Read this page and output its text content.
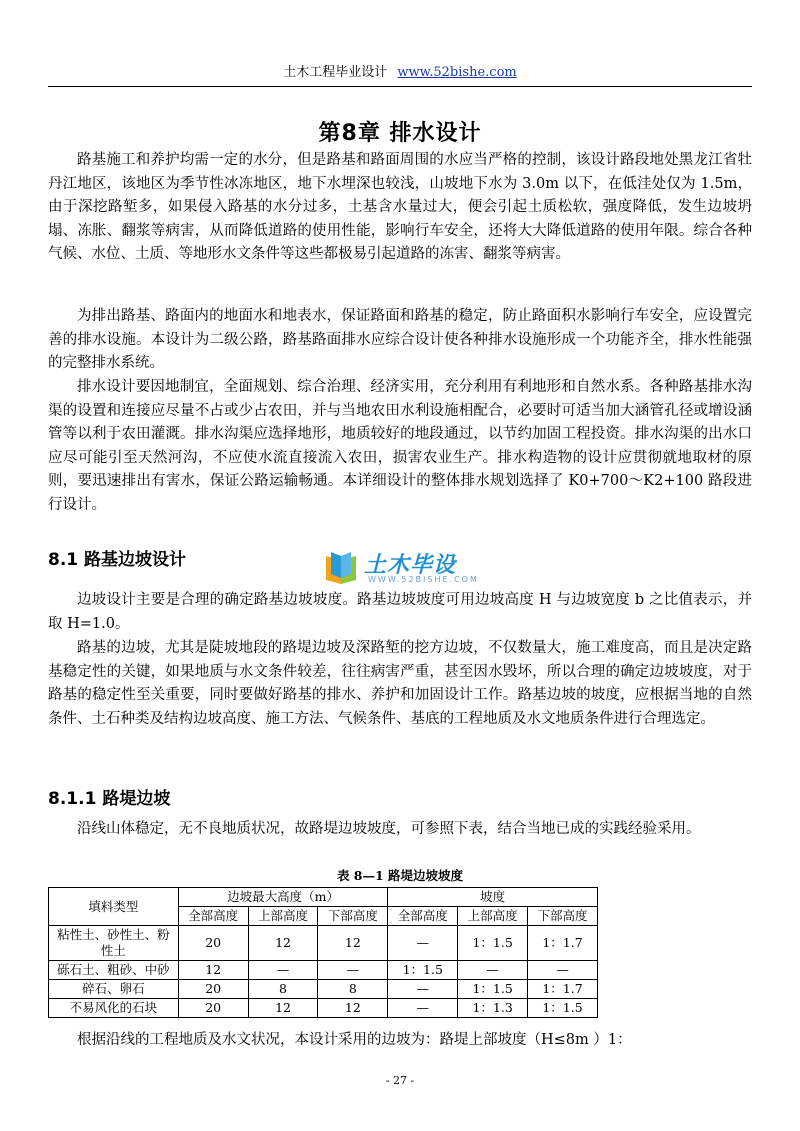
土木工程毕业设计 www.52bishe.com
第8章 排水设计
路基施工和养护均需一定的水分，但是路基和路面周围的水应当严格的控制，该设计路段地处黑龙江省牡丹江地区，该地区为季节性冰冻地区，地下水埋深也较浅，山坡地下水为 3.0m 以下，在低洼处仅为 1.5m，由于深挖路堑多，如果侵入路基的水分过多，土基含水量过大，便会引起土质松软，强度降低，发生边坡坍塌、冻胀、翻浆等病害，从而降低道路的使用性能，影响行车安全，还将大大降低道路的使用年限。综合各种气候、水位、土质、等地形水文条件等这些都极易引起道路的冻害、翻浆等病害。
为排出路基、路面内的地面水和地表水，保证路面和路基的稳定，防止路面积水影响行车安全，应设置完善的排水设施。本设计为二级公路，路基路面排水应综合设计使各种排水设施形成一个功能齐全，排水性能强的完整排水系统。
排水设计要因地制宜，全面规划、综合治理、经济实用，充分利用有利地形和自然水系。各种路基排水沟渠的设置和连接应尽量不占或少占农田，并与当地农田水利设施相配合，必要时可适当加大涵管孔径或增设涵管等以利于农田灌溉。排水沟渠应选择地形，地质较好的地段通过，以节约加固工程投资。排水沟渠的出水口应尽可能引至天然河沟，不应使水流直接流入农田，损害农业生产。排水构造物的设计应贯彻就地取材的原则，要迅速排出有害水，保证公路运输畅通。本详细设计的整体排水规划选择了 K0+700～K2+100 路段进行设计。
8.1 路基边坡设计	土木毕设
WWW.52BISHE.COM
边坡设计主要是合理的确定路基边坡坡度。路基边坡坡度可用边坡高度 H 与边坡宽度 b 之比值表示，并取 H=1.0。
路基的边坡，尤其是陡坡地段的路堤边坡及深路堑的挖方边坡，不仅数量大，施工难度高，而且是决定路基稳定性的关键，如果地质与水文条件较差，往往病害严重，甚至因水毁坏，所以合理的确定边坡坡度，对于路基的稳定性至关重要，同时要做好路基的排水、养护和加固设计工作。路基边坡的坡度，应根据当地的自然条件、土石种类及结构边坡高度、施工方法、气候条件、基底的工程地质及水文地质条件进行合理选定。
8.1.1 路堤边坡
沿线山体稳定，无不良地质状况，故路堤边坡坡度，可参照下表，结合当地已成的实践经验采用。
表 8—1 路堤边坡坡度
填料类型	边坡最大高度（m）			坡度		
	全部高度	上部高度	下部高度	全部高度	上部高度	下部高度
粘性土、砂性土、粉性土	20	12	12	—	1：1.5	1：1.7
砾石土、粗砂、中砂	12	—	—	1：1.5	—	—
碎石、卵石	20	8	8	—	1：1.5	1：1.7
不易风化的石块	20	12	12	—	1：1.3	1：1.5
根据沿线的工程地质及水文状况，本设计采用的边坡为：路堤上部坡度（H≤8m ）1：
- 27 -
